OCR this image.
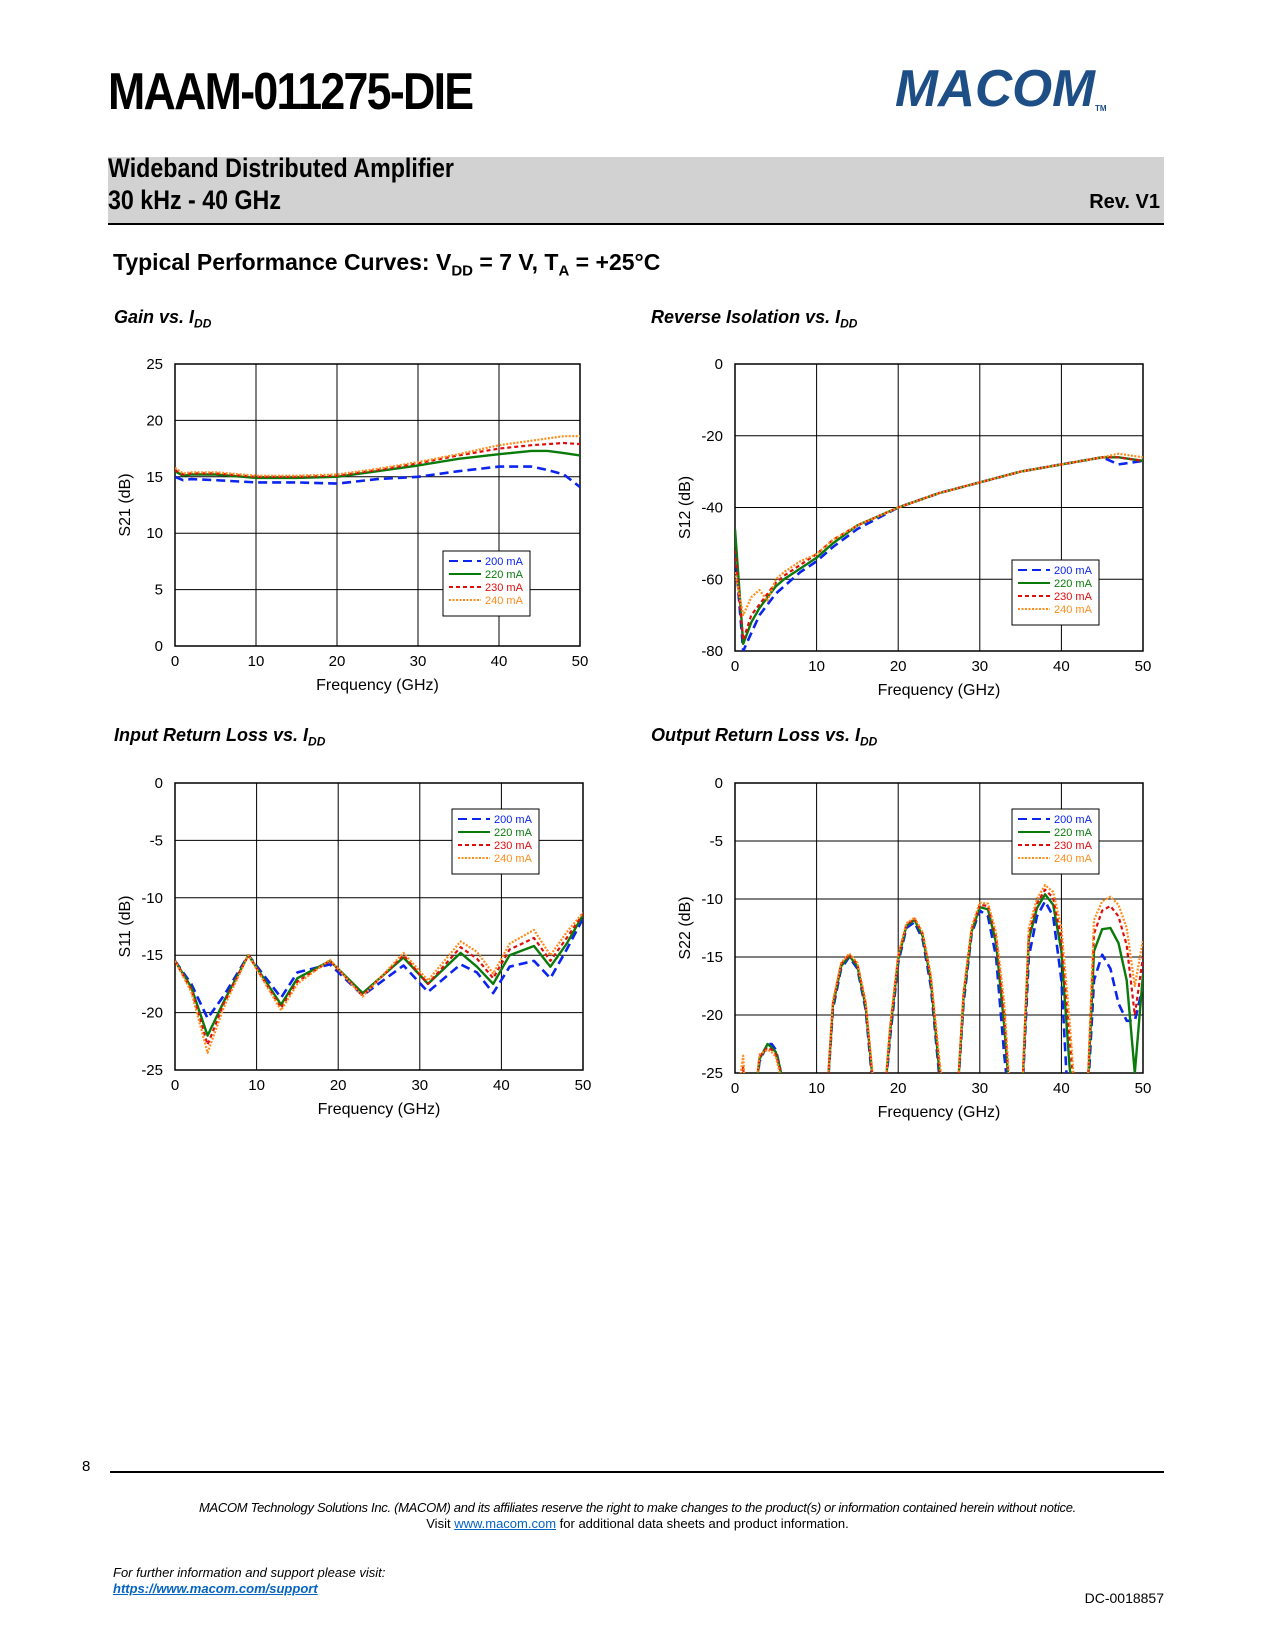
MAAM-011275-DIE	MACOM
TM
Wideband Distributed Amplifier
30 kHz - 40 GHz	Rev. V1
Typical Performance Curves: $V_{DD} = 7$ V, $T_A = +25^\circ C$
Gain vs. $I_{DD}$	Reverse Isolation vs. $I_{DD}$
Input Return Loss vs. $I_{DD}$	Output Return Loss vs. $I_{DD}$
0	10	20	30	40	50
0
5
10
15
20
25
Frequency (GHz)
S21 (dB)
200 mA
220 mA
230 mA
240 mA
0	10	20	30	40	50
-80
-60
-40
-20
0
Frequency (GHz)
S12 (dB)
200 mA
220 mA
230 mA
240 mA
0	10	20	30	40	50
-25
-20
-15
-10
-5
0
Frequency (GHz)
S11 (dB)
200 mA
220 mA
230 mA
240 mA
0	10	20	30	40	50
-25
-20
-15
-10
-5
0
Frequency (GHz)
S22 (dB)
200 mA
220 mA
230 mA
240 mA
8
MACOM Technology Solutions Inc. (MACOM) and its affiliates reserve the right to make changes to the product(s) or information contained herein without notice.
Visit www.macom.com for additional data sheets and product information.
For further information and support please visit:
https://www.macom.com/support
DC-0018857
